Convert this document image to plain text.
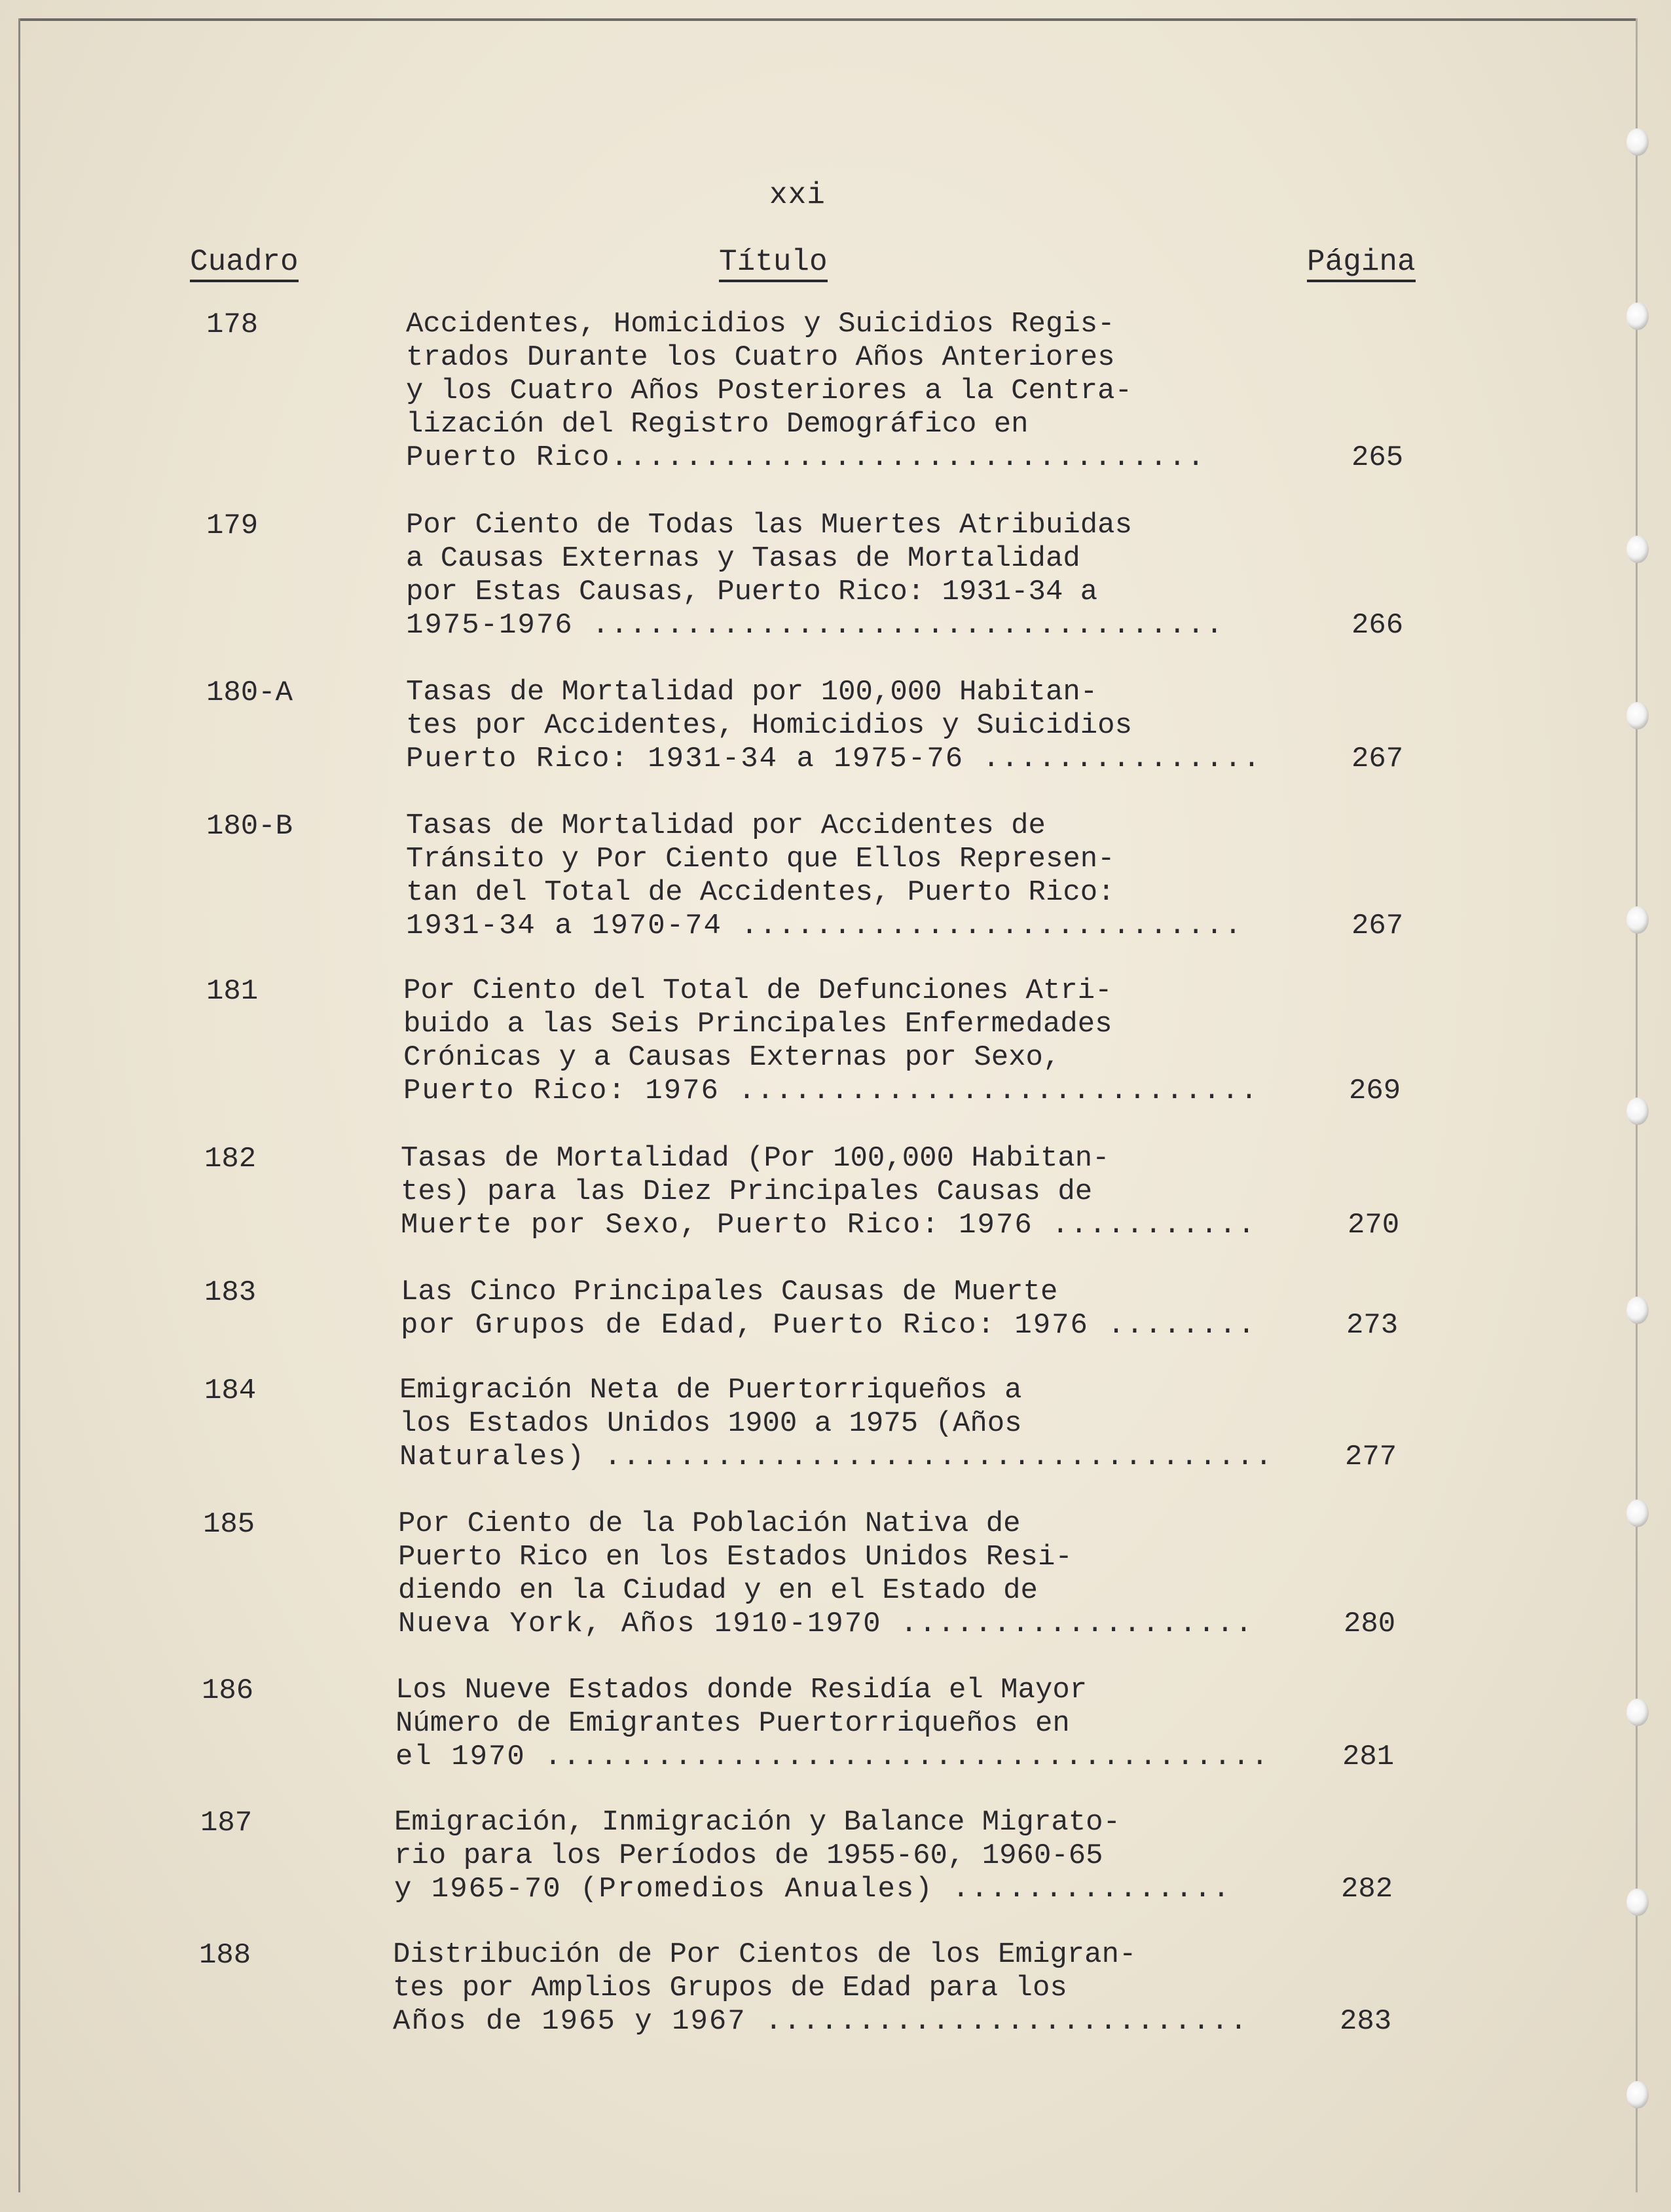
xxi
Cuadro	Título	Página
178	Accidentes, Homicidios y Suicidios Regis-
trados Durante los Cuatro Años Anteriores
y los Cuatro Años Posteriores a la Centra-
lización del Registro Demográfico en
Puerto Rico................................	265
179	Por Ciento de Todas las Muertes Atribuidas
a Causas Externas y Tasas de Mortalidad
por Estas Causas, Puerto Rico: 1931-34 a
1975-1976 ..................................	266
180-A	Tasas de Mortalidad por 100,000 Habitan-
tes por Accidentes, Homicidios y Suicidios
Puerto Rico: 1931-34 a 1975-76 ...............	267
180-B	Tasas de Mortalidad por Accidentes de
Tránsito y Por Ciento que Ellos Represen-
tan del Total de Accidentes, Puerto Rico:
1931-34 a 1970-74 ...........................	267
181	Por Ciento del Total de Defunciones Atri-
buido a las Seis Principales Enfermedades
Crónicas y a Causas Externas por Sexo,
Puerto Rico: 1976 ............................	269
182	Tasas de Mortalidad (Por 100,000 Habitan-
tes) para las Diez Principales Causas de
Muerte por Sexo, Puerto Rico: 1976 ...........	270
183	Las Cinco Principales Causas de Muerte
por Grupos de Edad, Puerto Rico: 1976 ........	273
184	Emigración Neta de Puertorriqueños a
los Estados Unidos 1900 a 1975 (Años
Naturales) .................................... 277
185	Por Ciento de la Población Nativa de
Puerto Rico en los Estados Unidos Resi-
diendo en la Ciudad y en el Estado de
Nueva York, Años 1910-1970 ...................	280
186	Los Nueve Estados donde Residía el Mayor
Número de Emigrantes Puertorriqueños en
el 1970 .......................................	281
187	Emigración, Inmigración y Balance Migrato-
rio para los Períodos de 1955-60, 1960-65
y 1965-70 (Promedios Anuales) ...............	282
188	Distribución de Por Cientos de los Emigran-
tes por Amplios Grupos de Edad para los
Años de 1965 y 1967 ..........................	283
